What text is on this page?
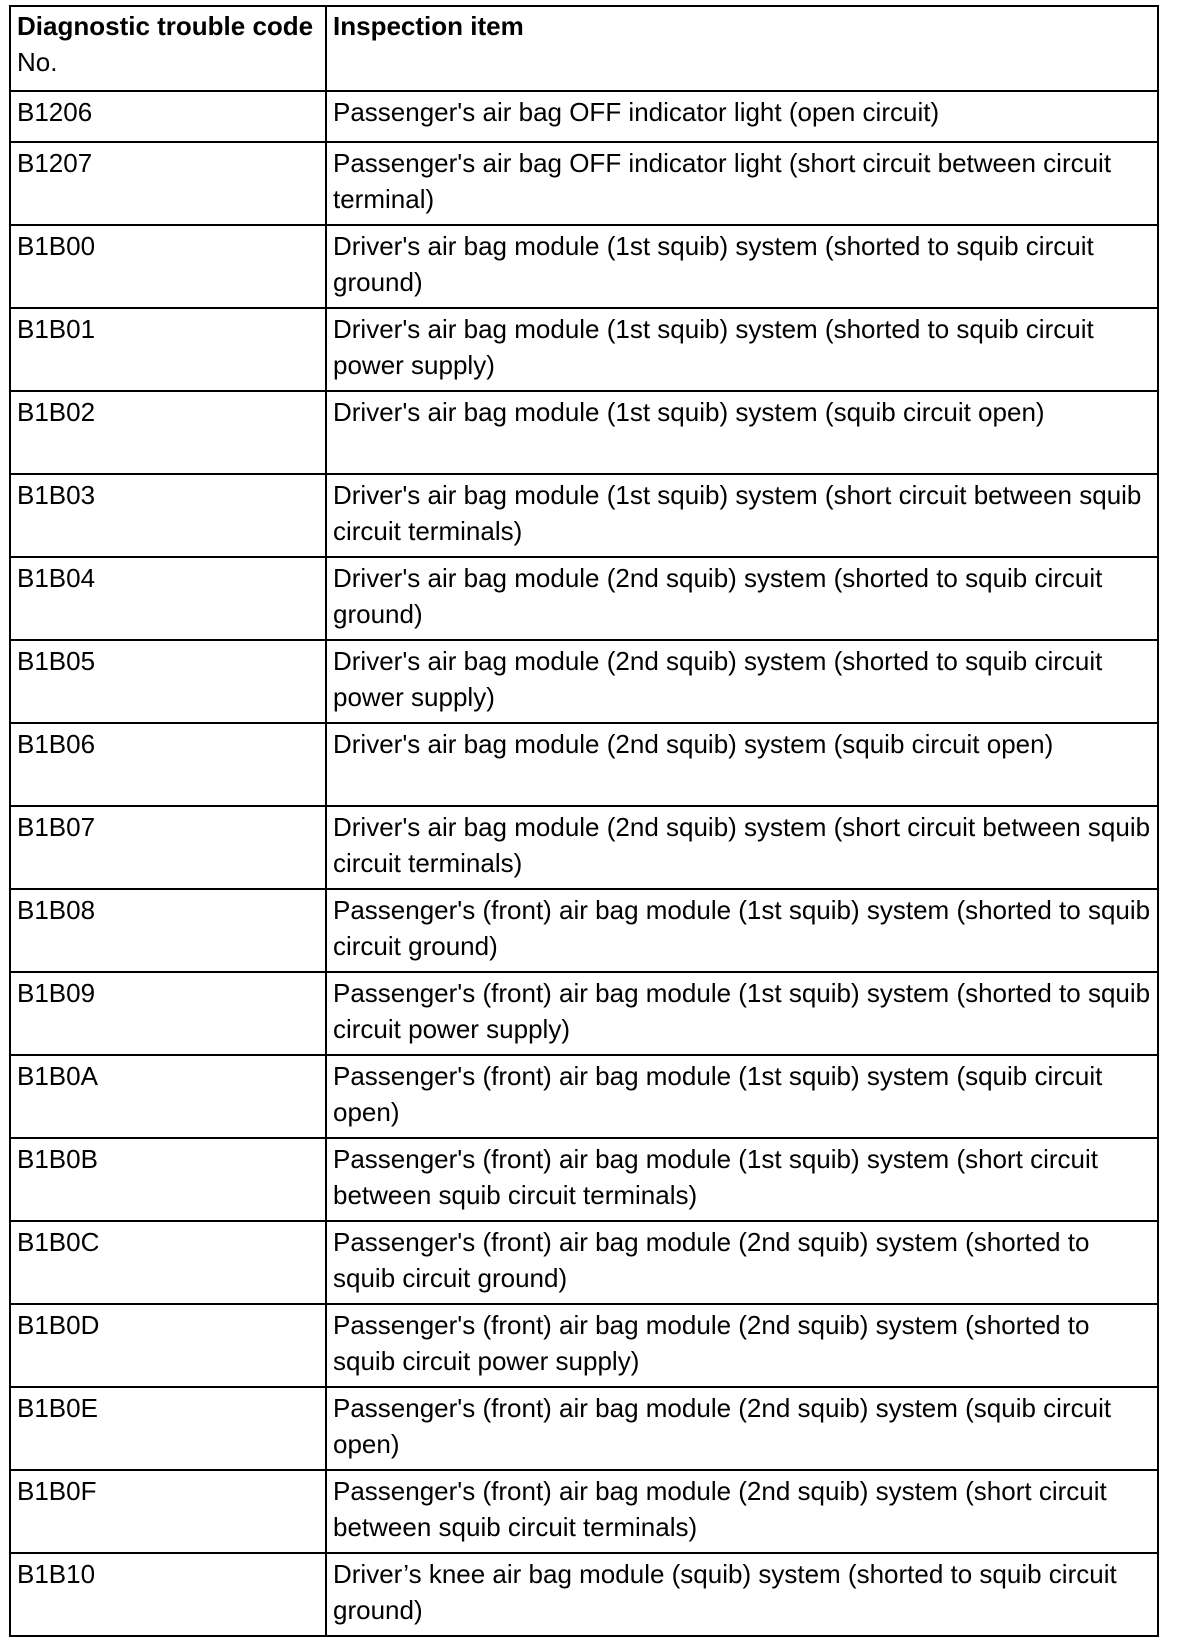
Diagnostic trouble code No.	Inspection item
B1206	Passenger's air bag OFF indicator light (open circuit)
B1207	Passenger's air bag OFF indicator light (short circuit between circuit terminal)
B1B00	Driver's air bag module (1st squib) system (shorted to squib circuit ground)
B1B01	Driver's air bag module (1st squib) system (shorted to squib circuit power supply)
B1B02	Driver's air bag module (1st squib) system (squib circuit open)
B1B03	Driver's air bag module (1st squib) system (short circuit between squib circuit terminals)
B1B04	Driver's air bag module (2nd squib) system (shorted to squib circuit ground)
B1B05	Driver's air bag module (2nd squib) system (shorted to squib circuit power supply)
B1B06	Driver's air bag module (2nd squib) system (squib circuit open)
B1B07	Driver's air bag module (2nd squib) system (short circuit between squib circuit terminals)
B1B08	Passenger's (front) air bag module (1st squib) system (shorted to squib circuit ground)
B1B09	Passenger's (front) air bag module (1st squib) system (shorted to squib circuit power supply)
B1B0A	Passenger's (front) air bag module (1st squib) system (squib circuit open)
B1B0B	Passenger's (front) air bag module (1st squib) system (short circuit between squib circuit terminals)
B1B0C	Passenger's (front) air bag module (2nd squib) system (shorted to squib circuit ground)
B1B0D	Passenger's (front) air bag module (2nd squib) system (shorted to squib circuit power supply)
B1B0E	Passenger's (front) air bag module (2nd squib) system (squib circuit open)
B1B0F	Passenger's (front) air bag module (2nd squib) system (short circuit between squib circuit terminals)
B1B10	Driver’s knee air bag module (squib) system (shorted to squib circuit ground)
